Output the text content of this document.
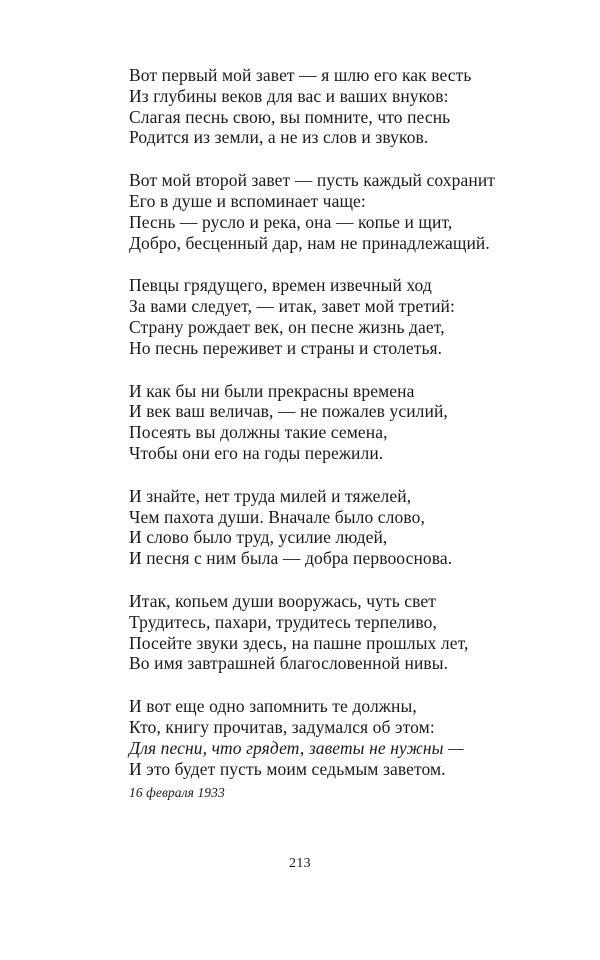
Вот первый мой завет — я шлю его как весть
Из глубины веков для вас и ваших внуков:
Слагая песнь свою, вы помните, что песнь
Родится из земли, а не из слов и звуков.
Вот мой второй завет — пусть каждый сохранит
Его в душе и вспоминает чаще:
Песнь — русло и река, она — копье и щит,
Добро, бесценный дар, нам не принадлежащий.
Певцы грядущего, времен извечный ход
За вами следует, — итак, завет мой третий:
Страну рождает век, он песне жизнь дает,
Но песнь переживет и страны и столетья.
И как бы ни были прекрасны времена
И век ваш величав, — не пожалев усилий,
Посеять вы должны такие семена,
Чтобы они его на годы пережили.
И знайте, нет труда милей и тяжелей,
Чем пахота души. Вначале было слово,
И слово было труд, усилие людей,
И песня с ним была — добра первооснова.
Итак, копьем души вооружась, чуть свет
Трудитесь, пахари, трудитесь терпеливо,
Посейте звуки здесь, на пашне прошлых лет,
Во имя завтрашней благословенной нивы.
И вот еще одно запомнить те должны,
Кто, книгу прочитав, задумался об этом:
Для песни, что грядет, заветы не нужны —
И это будет пусть моим седьмым заветом.
16 февраля 1933
213
